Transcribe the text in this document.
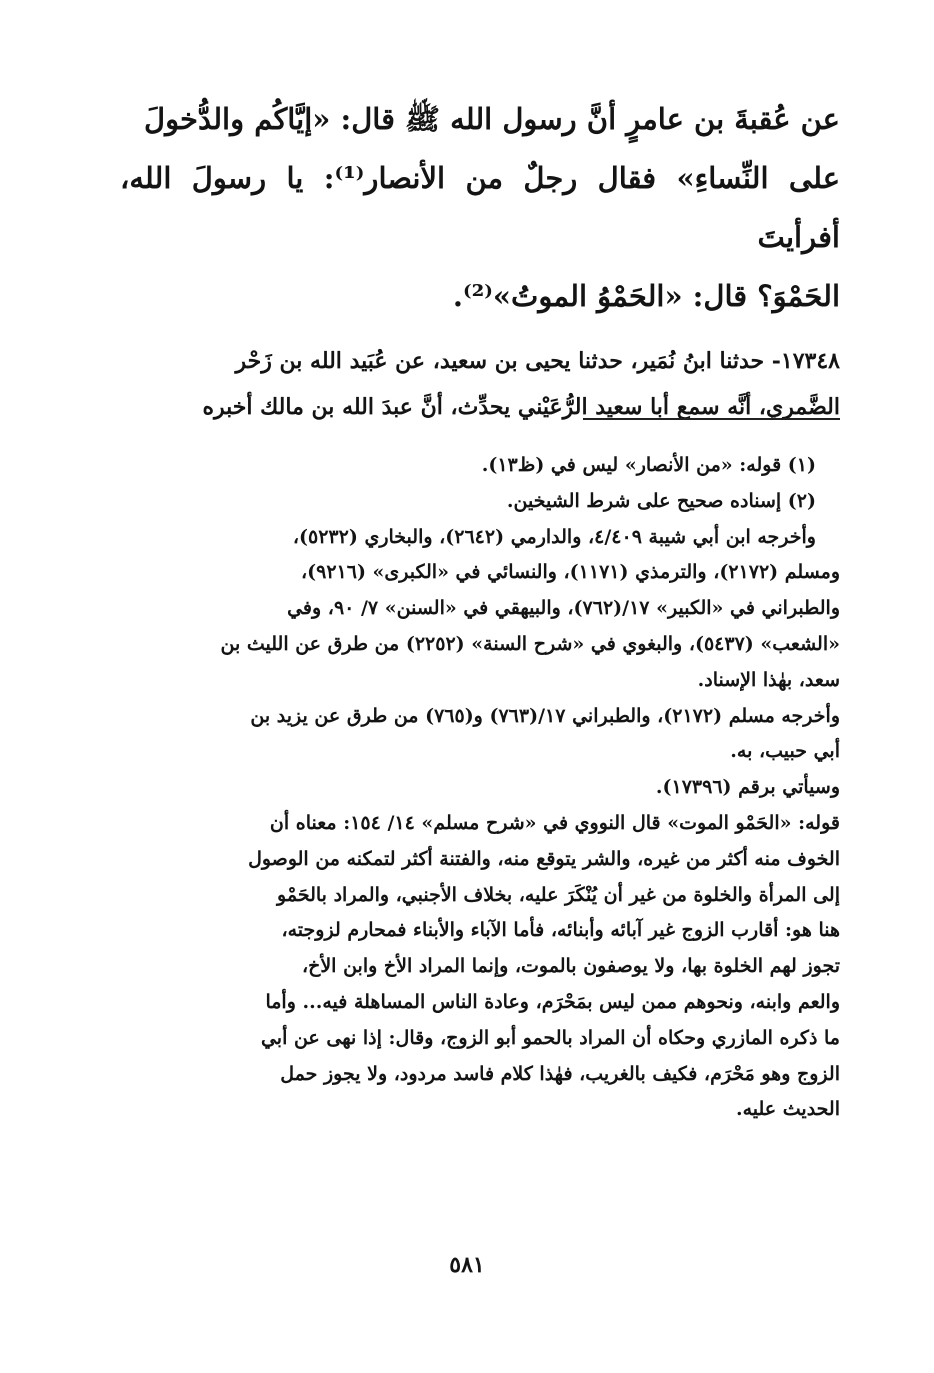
عن عُقبةَ بن عامرٍ أنَّ رسول الله ﷺ قال: «إيَّاكُم والدُّخولَ

على النِّساءِ» فقال رجلٌ من الأنصار⁽¹⁾: يا رسولَ الله، أفرأيتَ

الحَمْوَ؟ قال: «الحَمْوُ الموتُ»⁽²⁾.

١٧٣٤٨- حدثنا ابنُ نُمَير، حدثنا يحيى بن سعيد، عن عُبَيد الله بن زَحْر

الضَّمري، أنَّه سمع أبا سعيد الرُّعَيْني يحدِّث، أنَّ عبدَ الله بن مالك أخبره

(١) قوله: «من الأنصار» ليس في (ظ١٣).

(٢) إسناده صحيح على شرط الشيخين.

وأخرجه ابن أبي شيبة ٤/٤٠٩، والدارمي (٢٦٤٢)، والبخاري (٥٢٣٢)،

ومسلم (٢١٧٢)، والترمذي (١١٧١)، والنسائي في «الكبرى» (٩٢١٦)،

والطبراني في «الكبير» ١٧/(٧٦٢)، والبيهقي في «السنن» ٧/ ٩٠، وفي

«الشعب» (٥٤٣٧)، والبغوي في «شرح السنة» (٢٢٥٢) من طرق عن الليث بن

سعد، بهٰذا الإسناد.

وأخرجه مسلم (٢١٧٢)، والطبراني ١٧/(٧٦٣) و(٧٦٥) من طرق عن يزيد بن

أبي حبيب، به.

وسيأتي برقم (١٧٣٩٦).

قوله: «الحَمْو الموت» قال النووي في «شرح مسلم» ١٤/ ١٥٤: معناه أن

الخوف منه أكثر من غيره، والشر يتوقع منه، والفتنة أكثر لتمكنه من الوصول

إلى المرأة والخلوة من غير أن يُنْكَرَ عليه، بخلاف الأجنبي، والمراد بالحَمْو

هنا هو: أقارب الزوج غير آبائه وأبنائه، فأما الآباء والأبناء فمحارم لزوجته،

تجوز لهم الخلوة بها، ولا يوصفون بالموت، وإنما المراد الأخ وابن الأخ،

والعم وابنه، ونحوهم ممن ليس بمَحْرَم، وعادة الناس المساهلة فيه... وأما

ما ذكره المازري وحكاه أن المراد بالحمو أبو الزوج، وقال: إذا نهى عن أبي

الزوج وهو مَحْرَم، فكيف بالغريب، فهٰذا كلام فاسد مردود، ولا يجوز حمل

الحديث عليه.

٥٨١
